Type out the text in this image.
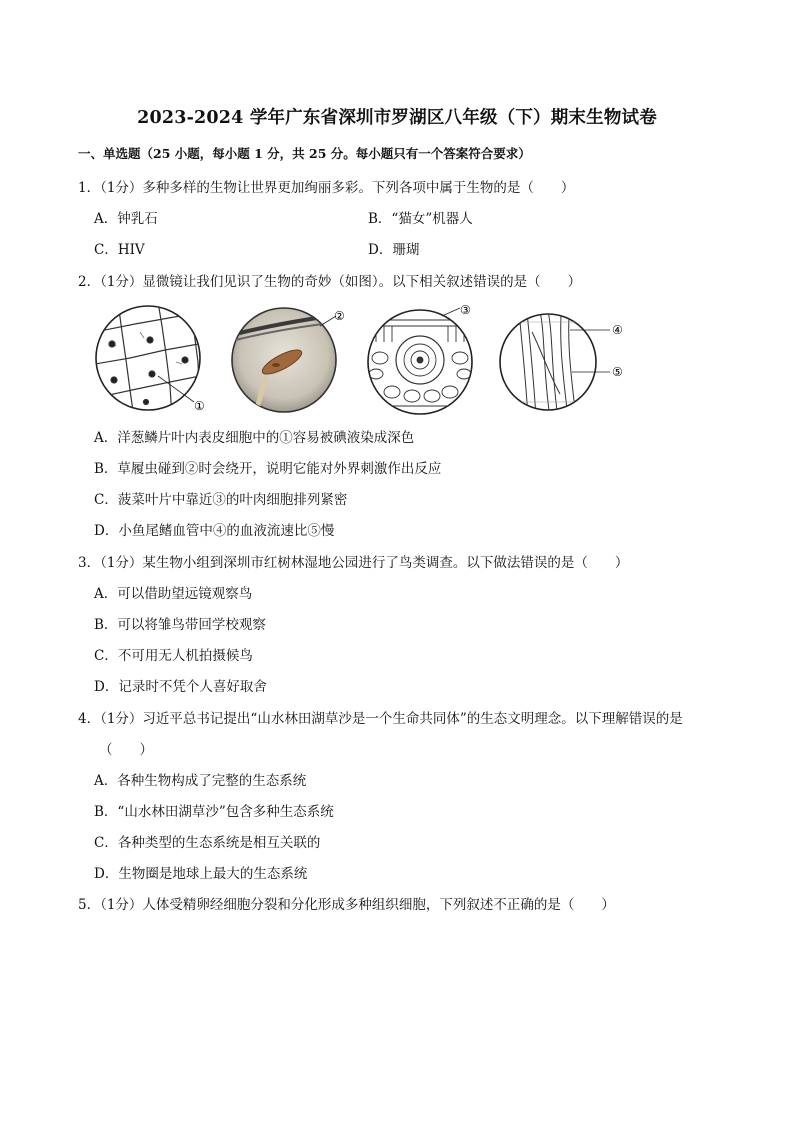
2023-2024 学年广东省深圳市罗湖区八年级（下）期末生物试卷
一、单选题（25 小题，每小题 1 分，共 25 分。每小题只有一个答案符合要求）
1．（1分）多种多样的生物让世界更加绚丽多彩。下列各项中属于生物的是（　　）
A．钟乳石	B．“猫女”机器人
C．HIV	D．珊瑚
2．（1分）显微镜让我们见识了生物的奇妙（如图）。以下相关叙述错误的是（　　）
①
②	③
④
⑤
A．洋葱鳞片叶内表皮细胞中的①容易被碘液染成深色
B．草履虫碰到②时会绕开，说明它能对外界刺激作出反应
C．菠菜叶片中靠近③的叶肉细胞排列紧密
D．小鱼尾鳍血管中④的血液流速比⑤慢
3．（1分）某生物小组到深圳市红树林湿地公园进行了鸟类调查。以下做法错误的是（　　）
A．可以借助望远镜观察鸟
B．可以将雏鸟带回学校观察
C．不可用无人机拍摄候鸟
D．记录时不凭个人喜好取舍
4．（1分）习近平总书记提出“山水林田湖草沙是一个生命共同体”的生态文明理念。以下理解错误的是
（　　）
A．各种生物构成了完整的生态系统
B．“山水林田湖草沙”包含多种生态系统
C．各种类型的生态系统是相互关联的
D．生物圈是地球上最大的生态系统
5．（1分）人体受精卵经细胞分裂和分化形成多种组织细胞，下列叙述不正确的是（　　）
